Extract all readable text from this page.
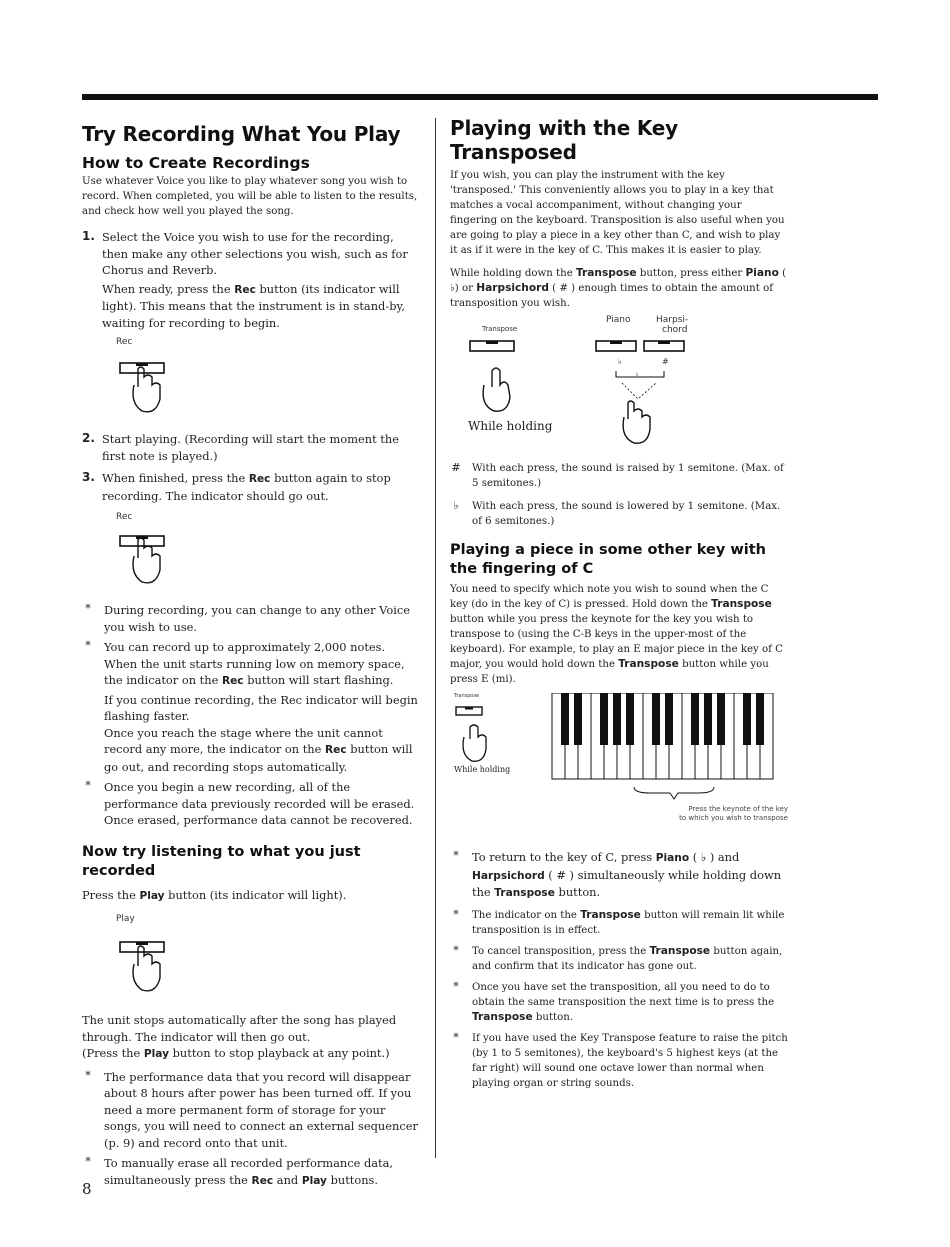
Try Recording What You Play
How to Create Recordings

Use whatever Voice you like to play whatever song you wish to record. When completed, you will be able to listen to the results, and check how well you played the song.

1. Select the Voice you wish to use for the recording, then make any other selections you wish, such as for Chorus and Reverb.

When ready, press the Rec button (its indicator will light). This means that the instrument is in stand-by, waiting for recording to begin.

Rec
2. Start playing. (Recording will start the moment the first note is played.)

3. When finished, press the Rec button again to stop recording. The indicator should go out.

Rec
* During recording, you can change to any other Voice you wish to use.

* You can record up to approximately 2,000 notes.

When the unit starts running low on memory space, the indicator on the Rec button will start flashing.

If you continue recording, the Rec indicator will begin flashing faster.

Once you reach the stage where the unit cannot record any more, the indicator on the Rec button will go out, and recording stops automatically.

* Once you begin a new recording, all of the performance data previously recorded will be erased. Once erased, performance data cannot be recovered.

Now try listening to what you just recorded

Press the Play button (its indicator will light).

Play

The unit stops automatically after the song has played through. The indicator will then go out.

(Press the Play button to stop playback at any point.)

* The performance data that you record will disappear about 8 hours after power has been turned off. If you need a more permanent form of storage for your songs, you will need to connect an external sequencer (p. 9) and record onto that unit.

* To manually erase all recorded performance data, simultaneously press the Rec and Play buttons.

Playing with the Key Transposed

If you wish, you can play the instrument with the key 'transposed.' This conveniently allows you to play in a key that matches a vocal accompaniment, without changing your fingering on the keyboard. Transposition is also useful when you are going to play a piece in a key other than C, and wish to play it as if it were in the key of C. This makes it is easier to play.

While holding down the Transpose button, press either Piano ( ♭) or Harpsichord ( # ) enough times to obtain the amount of transposition you wish.

Transpose
Piano	Harpsi-
chord
♭
♮
#
While holding
# With each press, the sound is raised by 1 semitone. (Max. of 5 semitones.)

♭	With each press, the sound is lowered by 1 semitone. (Max. of 6 semitones.)

Playing a piece in some other key with the fingering of C

You need to specify which note you wish to sound when the C key (do in the key of C) is pressed. Hold down the Transpose button while you press the keynote for the key you wish to transpose to (using the C-B keys in the upper-most of the keyboard). For example, to play an E major piece in the key of C major, you would hold down the Transpose button while you press E (mi).

Transpose
While holding
Press the keynote of the key
to which you wish to transpose
* To return to the key of C, press Piano ( ♭ ) and Harpsichord ( # ) simultaneously while holding down the Transpose button.

*	The indicator on the Transpose button will remain lit while transposition is in effect.

*	To cancel transposition, press the Transpose button again, and confirm that its indicator has gone out.

*	Once you have set the transposition, all you need to do to obtain the same transposition the next time is to press the Transpose button.

*	If you have used the Key Transpose feature to raise the pitch (by 1 to 5 semitones), the keyboard's 5 highest keys (at the far right) will sound one octave lower than normal when playing organ or string sounds.

8
